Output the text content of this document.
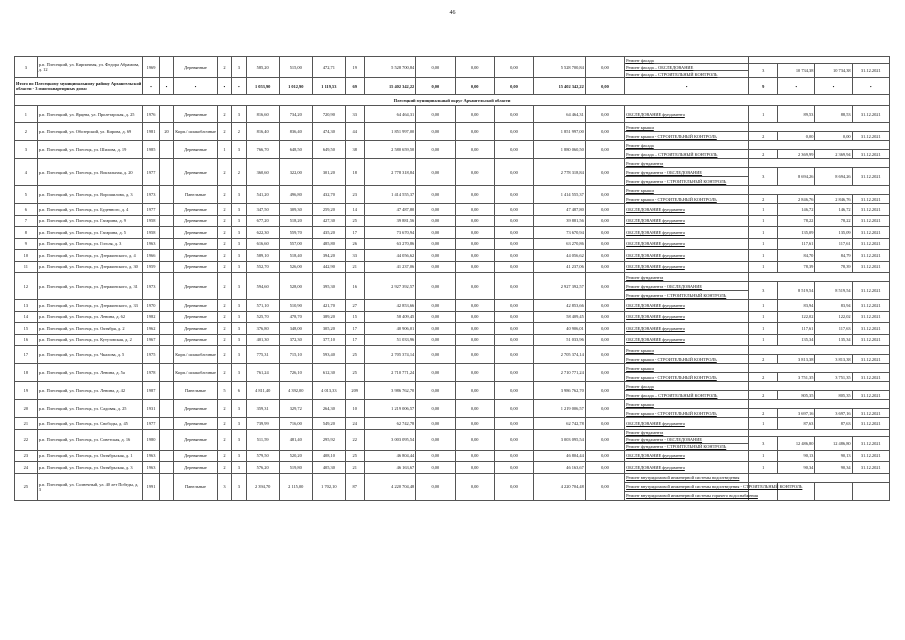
46
3	р.п. Плесецкий, ул. Кирпичная, ул. Федора Абрамова, д. 12	1969		Деревянные	2	3	585,20	515,00	472,71	19	5 528 700,84	0,00	0,00	0,00	5 528 700,84	0,00	Ремонт фасада				
																	Ремонт фасада – ОБСЛЕДОВАНИЕ	3	10 734,38	10 734,38	31.12.2021
																	Ремонт фасада – СТРОИТЕЛЬНЫЙ КОНТРОЛЬ				
Итого по Плесецкому муниципальному району Архангельской области - 3 многоквартирных дома:		•	•	•	•	•	1 053,90	1 012,90	1 119,53	69	15 402 342,22	0,00	0,00	0,00	15 402 342,22	0,00	•	9	•	•	•
Плесецкий муниципальный округ Архангельской области																					
1	р.п. Плесецкий, ул. Ярцева, ул. Пролетарская, д. 25	1976		Деревянные	2	3	816,60	734,20	720,90	33	64 464,31	0,00	0,00	0,00	64 464,31	0,00	ОБСЛЕДОВАНИЕ фундамента	1	89,53	88,53	31.12.2021
2	р.п. Плесецкий, ул. Обозерский, ул. Кирова, д. 69	1981	20	Кирп./ шлакоблочные	2	2	816,40	836,40	474,30	44	1 851 997,00	0,00	0,00	0,00	1 851 997,00	0,00	Ремонт крыши				
																	Ремонт крыши - СТРОИТЕЛЬНЫЙ КОНТРОЛЬ	2	0,00	0,00	31.12.2021
3	р.п. Плесецкий, ул. Плесецк, ул. Шилова, д. 19	1985		Деревянные	1	3	766,70	648,50	649,50	38	2 580 659,50	0,00	0,00	0,00	1 880 060,50	0,00	Ремонт фасада				
																	Ремонт фасада – СТРОИТЕЛЬНЫЙ КОНТРОЛЬ	2	2 369,99	2 369,94	31.12.2021
4	р.п. Плесецкий, ул. Плесецк, ул. Вокзальная, д. 20	1977		Деревянные	2	2	360,60	322,00	301,20	18	2 778 318,84	0,00	0,00	0,00	2 778 318,84	0,00	Ремонт фундамента				
																	Ремонт фундамента - ОБСЛЕДОВАНИЕ	3	8 694,26	8 694,26	31.12.2021
																	Ремонт фундамента - СТРОИТЕЛЬНЫЙ КОНТРОЛЬ				
5	р.п. Плесецкий, ул. Плесецк, ул. Ворошилова, д. 3	1973		Панельные	2	3	541,20	496,80	432,70	23	1 414 555,37	0,00	0,00	0,00	1 414 555,37	0,00	Ремонт крыши				
																	Ремонт крыши - СТРОИТЕЛЬНЫЙ КОНТРОЛЬ	2	2 846,76	2 846,76	31.12.2021
6	р.п. Плесецкий, ул. Плесецк, ул. Буденного, д. 4	1977		Деревянные	2	3	347,50	309,30	259,20	14	47 487,80	0,00	0,00	0,00	47 487,80	0,00	ОБСЛЕДОВАНИЕ фундамента	1	146,72	146,72	31.12.2021
7	р.п. Плесецкий, ул. Плесецк, ул. Гагарина, д. 9	1958		Деревянные	2	3	677,20	518,20	427,30	25	39 881,56	0,00	0,00	0,00	39 881,56	0,00	ОБСЛЕДОВАНИЕ фундамента	1	78,22	78,22	31.12.2021
8	р.п. Плесецкий, ул. Плесецк, ул. Гагарина, д. 5	1958		Деревянные	2	3	622,30	559,70	435,20	17	73 670,94	0,00	0,00	0,00	73 670,94	0,00	ОБСЛЕДОВАНИЕ фундамента	1	135,09	135,09	31.12.2021
9	р.п. Плесецкий, ул. Плесецк, ул. Гоголя, д. 3	1963		Деревянные	2	3	616,60	557,00	485,80	26	63 270,86	0,00	0,00	0,00	63 270,86	0,00	ОБСЛЕДОВАНИЕ фундамента	1	117,61	117,61	31.12.2021
10	р.п. Плесецкий, ул. Плесецк, ул. Дзержинского, д. 4	1966		Деревянные	2	3	589,10	518,40	394,20	33	44 056,62	0,00	0,00	0,00	44 056,62	0,00	ОБСЛЕДОВАНИЕ фундамента	1	84,70	84,79	31.12.2021
11	р.п. Плесецкий, ул. Плесецк, ул. Дзержинского, д. 30	1959		Деревянные	2	3	552,70	526,00	442,90	21	41 237,06	0,00	0,00	0,00	41 237,06	0,00	ОБСЛЕДОВАНИЕ фундамента	1	78,39	78,39	31.12.2021
12	р.п. Плесецкий, ул. Плесецк, ул. Дзержинского, д. 31	1973		Деревянные	2	3	594,60	528,00	395,30	16	2 927 392,57	0,00	0,00	0,00	2 927 392,57	0,00	Ремонт фундамента				
																	Ремонт фундамента - ОБСЛЕДОВАНИЕ	3	8 519,54	8 519,54	31.12.2021
																	Ремонт фундамента - СТРОИТЕЛЬНЫЙ КОНТРОЛЬ				
13	р.п. Плесецкий, ул. Плесецк, ул. Дзержинского, д. 33	1970		Деревянные	2	3	571,10	510,90	421,70	27	42 853,66	0,00	0,00	0,00	42 853,66	0,00	ОБСЛЕДОВАНИЕ фундамента	1	83,94	83,94	31.12.2021
14	р.п. Плесецкий, ул. Плесецк, ул. Ленина, д. 62	1982		Деревянные	2	3	525,70	478,70	389,20	15	58 409,45	0,00	0,00	0,00	58 409,45	0,00	ОБСЛЕДОВАНИЕ фундамента	1	122,02	122,02	31.12.2021
15	р.п. Плесецкий, ул. Плесецк, ул. Октября, д. 2	1962		Деревянные	2	3	376,80	348,00	305,20	17	40 906,01	0,00	0,00	0,00	40 906,01	0,00	ОБСЛЕДОВАНИЕ фундамента	1	117,61	117,63	31.12.2021
16	р.п. Плесецкий, ул. Плесецк, ул. Кутузовская, д. 2	1967		Деревянные	2	3	401,30	372,30	377,10	17	51 033,96	0,00	0,00	0,00	51 033,96	0,00	ОБСЛЕДОВАНИЕ фундамента	1	135,34	135,34	31.12.2021
17	р.п. Плесецкий, ул. Плесецк, ул. Чкалова, д. 5	1975		Кирп./ шлакоблочные	2	3	775,31	715,10	593,40	25	2 705 374,14	0,00	0,00	0,00	2 705 374,14	0,00	Ремонт крыши				
																	Ремонт крыши - СТРОИТЕЛЬНЫЙ КОНТРОЛЬ	2	3 813,38	3 813,38	31.12.2021
18	р.п. Плесецкий, ул. Плесецк, ул. Ленина, д. 5а	1978		Кирп./ шлакоблочные	2	3	761,24	726,10	612,30	25	2 710 771,24	0,00	0,00	0,00	2 710 771,24	0,00	Ремонт крыши				
																	Ремонт крыши - СТРОИТЕЛЬНЫЙ КОНТРОЛЬ	2	3 751,35	3 751,35	31.12.2021
19	р.п. Плесецкий, ул. Плесецк, ул. Ленина, д. 42	1987		Панельные	5	6	4 811,40	4 392,00	4 013,33	209	3 986 762,70	0,00	0,00	0,00	3 986 762,70	0,00	Ремонт фасада				
																	Ремонт фасада – СТРОИТЕЛЬНЫЙ КОНТРОЛЬ	2	805,35	805,35	31.12.2021
20	р.п. Плесецкий, ул. Плесецк, ул. Садовая, д. 25	1931		Деревянные	2	3	359,31	329,72	264,30	10	1 219 006,57	0,00	0,00	0,00	1 219 006,57	0,00	Ремонт крыши				
																	Ремонт крыши - СТРОИТЕЛЬНЫЙ КОНТРОЛЬ	2	3 697,16	3 697,16	31.12.2021
21	р.п. Плесецкий, ул. Плесецк, ул. Свободы, д. 45	1977		Деревянные	2	3	739,99	716,00	549,20	24	62 742,78	0,00	0,00	0,00	62 742,78	0,00	ОБСЛЕДОВАНИЕ фундамента	1	87,63	87,63	31.12.2021
22	р.п. Плесецкий, ул. Плесецк, ул. Советская, д. 16	1980		Деревянные	2	3	511,59	481,40	295,92	22	3 003 095,54	0,00	0,00	0,00	3 003 095,54	0,00	Ремонт фундамента				
																	Ремонт фундамента - ОБСЛЕДОВАНИЕ	3	12 486,80	12 486,80	31.12.2021
																	Ремонт фундамента - СТРОИТЕЛЬНЫЙ КОНТРОЛЬ				
23	р.п. Плесецкий, ул. Плесецк, ул. Октябрьская, д. 1	1963		Деревянные	2	3	579,50	520,20	408,10	25	46 804,44	0,00	0,00	0,00	46 804,44	0,00	ОБСЛЕДОВАНИЕ фундамента	1	90,13	90,13	31.12.2021
24	р.п. Плесецкий, ул. Плесецк, ул. Октябрьская, д. 3	1963		Деревянные	2	3	576,20	519,80	405,30	21	46 163,67	0,00	0,00	0,00	46 163,67	0,00	ОБСЛЕДОВАНИЕ фундамента	1	90,34	90,34	31.12.2021
25	р.п. Плесецкий, ул. Солнечный, ул. 40 лет Победы, д. 3	1991		Панельные	3	3	2 394,70	2 115,00	1 702,10	87	4 220 704,48	0,00	0,00	0,00	4 220 704,48	0,00	Ремонт внутридомовой инженерной системы водоотведения				
																	Ремонт внутридомовой инженерной системы водоотведения - СТРОИТЕЛЬНЫЙ КОНТРОЛЬ				
																	Ремонт внутридомовой инженерной системы горячего водоснабжения				
